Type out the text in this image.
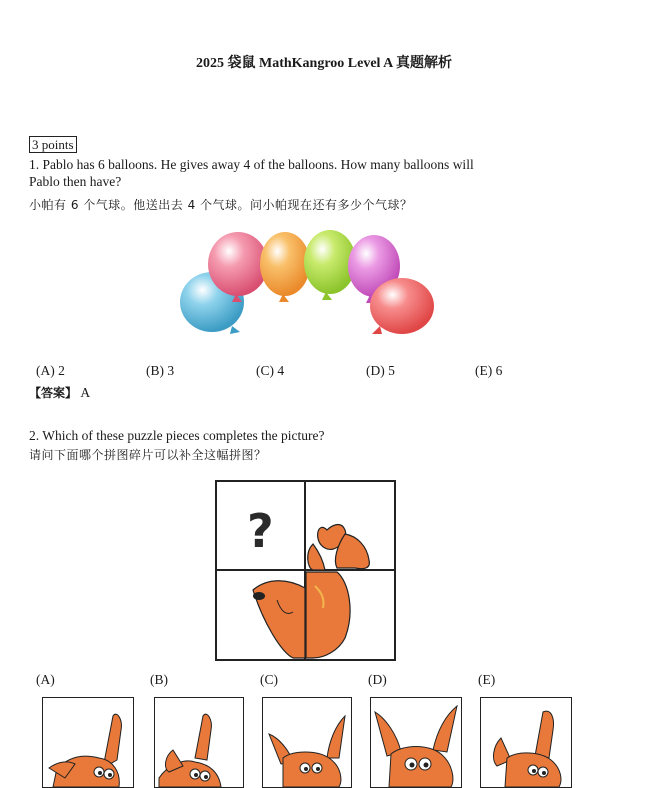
2025 袋鼠 MathKangroo Level A 真题解析
3 points
1. Pablo has 6 balloons. He gives away 4 of the balloons. How many balloons will
Pablo then have?
小帕有 6 个气球。他送出去 4 个气球。问小帕现在还有多少个气球？
(A) 2	(B) 3	(C) 4	(D) 5	(E) 6
【答案】 A
2. Which of these puzzle pieces completes the picture?
请问下面哪个拼图碎片可以补全这幅拼图？
?
(A)	(B)	(C)	(D)	(E)
